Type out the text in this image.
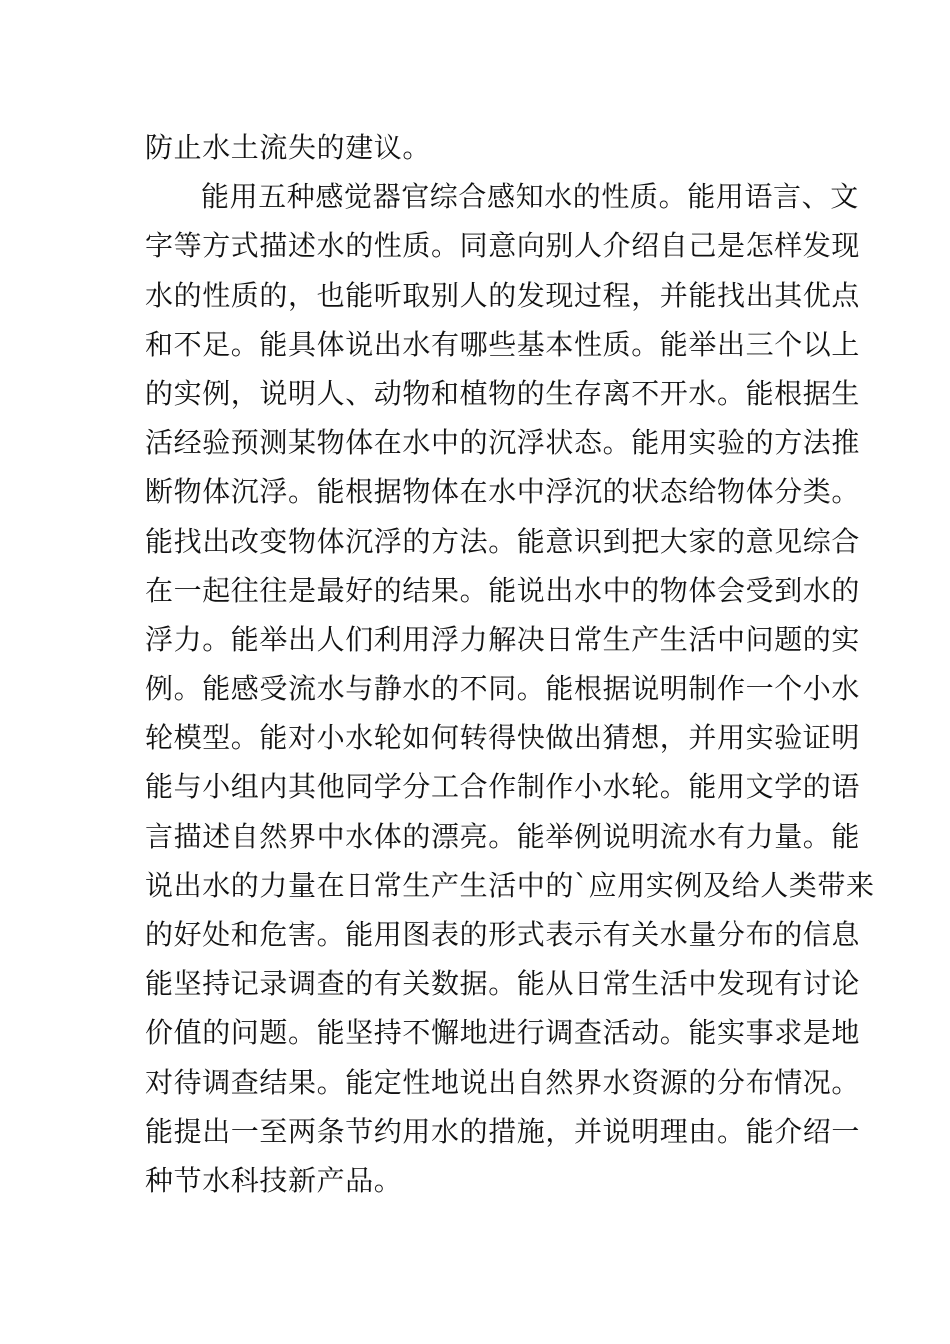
防止水土流失的建议。
能用五种感觉器官综合感知水的性质。能用语言、文
字等方式描述水的性质。同意向别人介绍自己是怎样发现
水的性质的，也能听取别人的发现过程，并能找出其优点
和不足。能具体说出水有哪些基本性质。能举出三个以上
的实例，说明人、动物和植物的生存离不开水。能根据生
活经验预测某物体在水中的沉浮状态。能用实验的方法推
断物体沉浮。能根据物体在水中浮沉的状态给物体分类。
能找出改变物体沉浮的方法。能意识到把大家的意见综合
在一起往往是最好的结果。能说出水中的物体会受到水的
浮力。能举出人们利用浮力解决日常生产生活中问题的实
例。能感受流水与静水的不同。能根据说明制作一个小水
轮模型。能对小水轮如何转得快做出猜想，并用实验证明
能与小组内其他同学分工合作制作小水轮。能用文学的语
言描述自然界中水体的漂亮。能举例说明流水有力量。能
说出水的力量在日常生产生活中的`应用实例及给人类带来
的好处和危害。能用图表的形式表示有关水量分布的信息
能坚持记录调查的有关数据。能从日常生活中发现有讨论
价值的问题。能坚持不懈地进行调查活动。能实事求是地
对待调查结果。能定性地说出自然界水资源的分布情况。
能提出一至两条节约用水的措施，并说明理由。能介绍一
种节水科技新产品。
